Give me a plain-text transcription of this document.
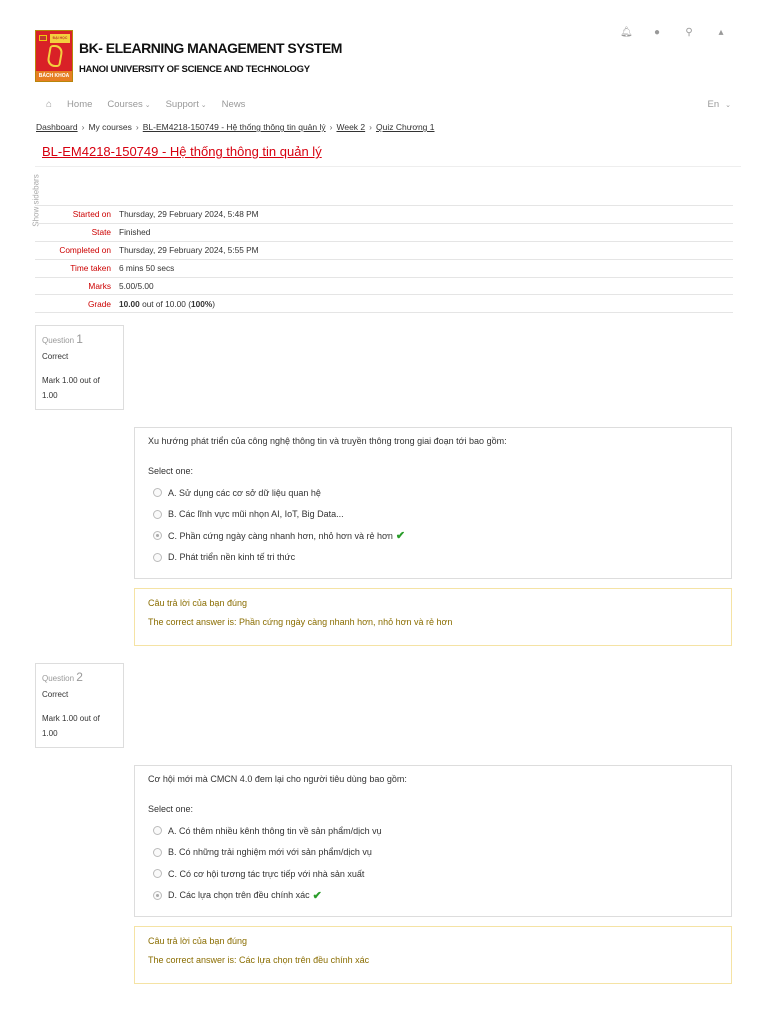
ĐẠI HỌC
BÁCH KHOA
BK- ELEARNING MANAGEMENT SYSTEM
HANOI UNIVERSITY OF SCIENCE AND TECHNOLOGY
🔔︎ ●	⚲	▴
⌂ Home Courses ⌄ Support ⌄ News	En ⌄
Dashboard › My courses › BL-EM4218-150749 - Hệ thống thông tin quản lý › Week 2 › Quiz Chương 1
BL-EM4218-150749 - Hệ thống thông tin quản lý
Show sidebars	Started on	Thursday, 29 February 2024, 5:48 PM
State	Finished
Completed on	Thursday, 29 February 2024, 5:55 PM
Time taken	6 mins 50 secs
Marks	5.00/5.00
Grade	10.00 out of 10.00 (100%)
Question 1
Correct
Mark 1.00 out of 1.00
Xu hướng phát triển của công nghệ thông tin và truyền thông trong giai đoạn tới bao gồm:
Select one:
A. Sử dụng các cơ sở dữ liệu quan hệ
B. Các lĩnh vực mũi nhọn AI, IoT, Big Data...
C. Phần cứng ngày càng nhanh hơn, nhỏ hơn và rẻ hơn ✔
D. Phát triển nền kinh tế tri thức
Câu trả lời của bạn đúng
The correct answer is: Phần cứng ngày càng nhanh hơn, nhỏ hơn và rẻ hơn
Question 2
Correct
Mark 1.00 out of 1.00
Cơ hội mới mà CMCN 4.0 đem lại cho người tiêu dùng bao gồm:
Select one:
A. Có thêm nhiều kênh thông tin về sản phẩm/dịch vụ
B. Có những trải nghiệm mới với sản phẩm/dịch vụ
C. Có cơ hội tương tác trực tiếp với nhà sản xuất
D. Các lựa chọn trên đều chính xác ✔
Câu trả lời của bạn đúng
The correct answer is: Các lựa chọn trên đều chính xác
